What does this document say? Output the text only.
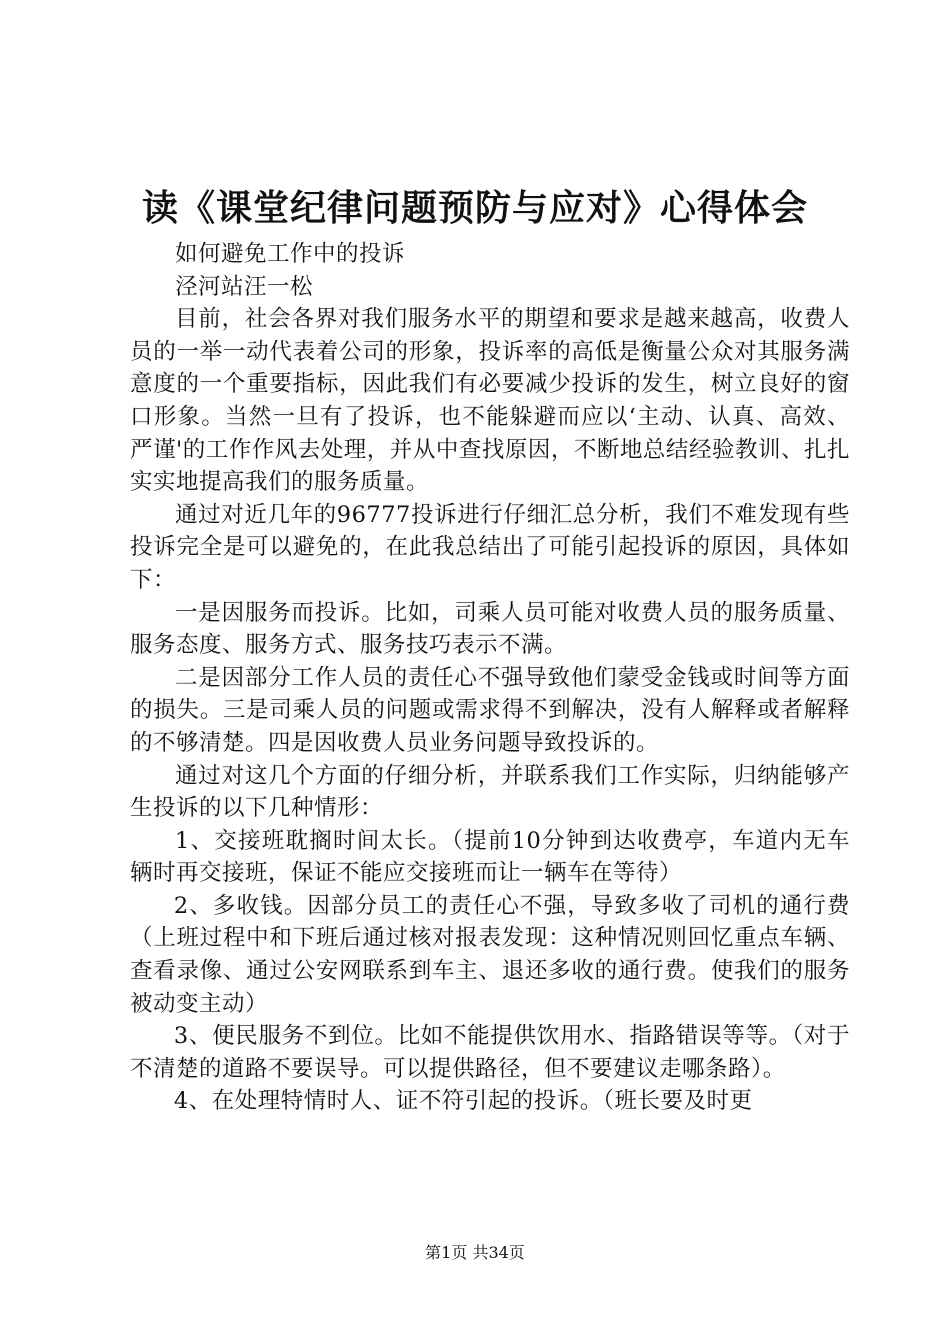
读《课堂纪律问题预防与应对》心得体会

如何避免工作中的投诉

泾河站汪一松

目前，社会各界对我们服务水平的期望和要求是越来越高，收费人员的一举一动代表着公司的形象，投诉率的高低是衡量公众对其服务满意度的一个重要指标，因此我们有必要减少投诉的发生，树立良好的窗口形象。当然一旦有了投诉，也不能躲避而应以‘主动、认真、高效、严谨'的工作作风去处理，并从中查找原因，不断地总结经验教训、扎扎实实地提高我们的服务质量。

通过对近几年的96777投诉进行仔细汇总分析，我们不难发现有些投诉完全是可以避免的，在此我总结出了可能引起投诉的原因，具体如下：

一是因服务而投诉。比如，司乘人员可能对收费人员的服务质量、服务态度、服务方式、服务技巧表示不满。

二是因部分工作人员的责任心不强导致他们蒙受金钱或时间等方面的损失。三是司乘人员的问题或需求得不到解决，没有人解释或者解释的不够清楚。四是因收费人员业务问题导致投诉的。

通过对这几个方面的仔细分析，并联系我们工作实际，归纳能够产生投诉的以下几种情形：

1、交接班耽搁时间太长。（提前10分钟到达收费亭，车道内无车辆时再交接班，保证不能应交接班而让一辆车在等待）

2、多收钱。因部分员工的责任心不强，导致多收了司机的通行费（上班过程中和下班后通过核对报表发现：这种情况则回忆重点车辆、查看录像、通过公安网联系到车主、退还多收的通行费。使我们的服务被动变主动）

3、便民服务不到位。比如不能提供饮用水、指路错误等等。（对于不清楚的道路不要误导。可以提供路径，但不要建议走哪条路）。

4、在处理特情时人、证不符引起的投诉。（班长要及时更

第1页 共34页
